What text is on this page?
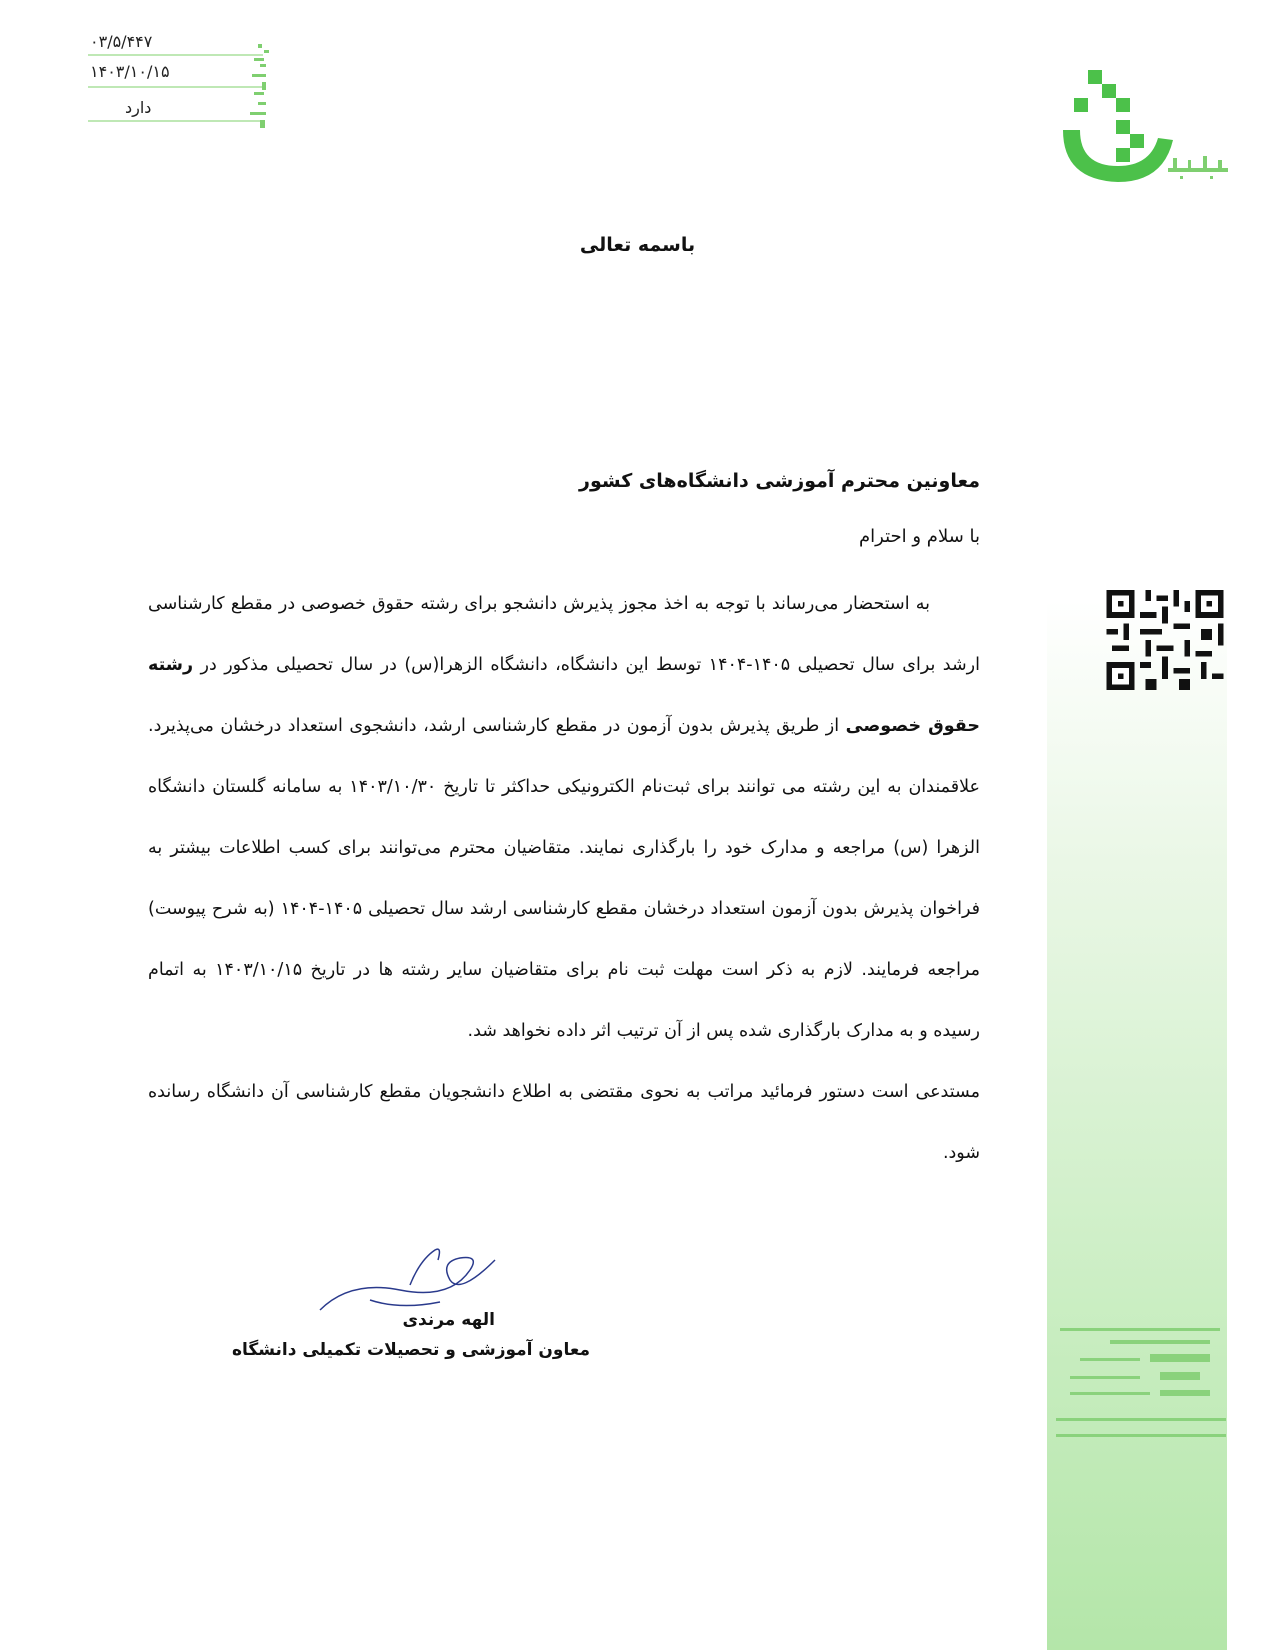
۰۳/۵/۴۴۷
۱۴۰۳/۱۰/۱۵
دارد
باسمه تعالی
معاونین محترم آموزشی دانشگاه‌های کشور
با سلام و احترام

به استحضار می‌رساند با توجه به اخذ مجوز پذیرش دانشجو برای رشته حقوق خصوصی در مقطع کارشناسی ارشد برای سال تحصیلی ۱۴۰۵-۱۴۰۴ توسط این دانشگاه، دانشگاه الزهرا(س) در سال تحصیلی مذکور در رشته حقوق خصوصی از طریق پذیرش بدون آزمون در مقطع کارشناسی ارشد، دانشجوی استعداد درخشان می‌پذیرد. علاقمندان به این رشته می توانند برای ثبت‌نام الکترونیکی حداکثر تا تاریخ ۱۴۰۳/۱۰/۳۰ به سامانه گلستان دانشگاه الزهرا (س) مراجعه و مدارک خود را بارگذاری نمایند. متقاضیان محترم می‌توانند برای کسب اطلاعات بیشتر به فراخوان پذیرش بدون آزمون استعداد درخشان مقطع کارشناسی ارشد سال تحصیلی ۱۴۰۵-۱۴۰۴ (به شرح پیوست) مراجعه فرمایند. لازم به ذکر است مهلت ثبت نام برای متقاضیان سایر رشته ها در تاریخ ۱۴۰۳/۱۰/۱۵ به اتمام رسیده و به مدارک بارگذاری شده پس از آن ترتیب اثر داده نخواهد شد.

مستدعی است دستور فرمائید مراتب به نحوی مقتضی به اطلاع دانشجویان مقطع کارشناسی آن دانشگاه رسانده شود.

الهه مرندی
معاون آموزشی و تحصیلات تکمیلی دانشگاه
